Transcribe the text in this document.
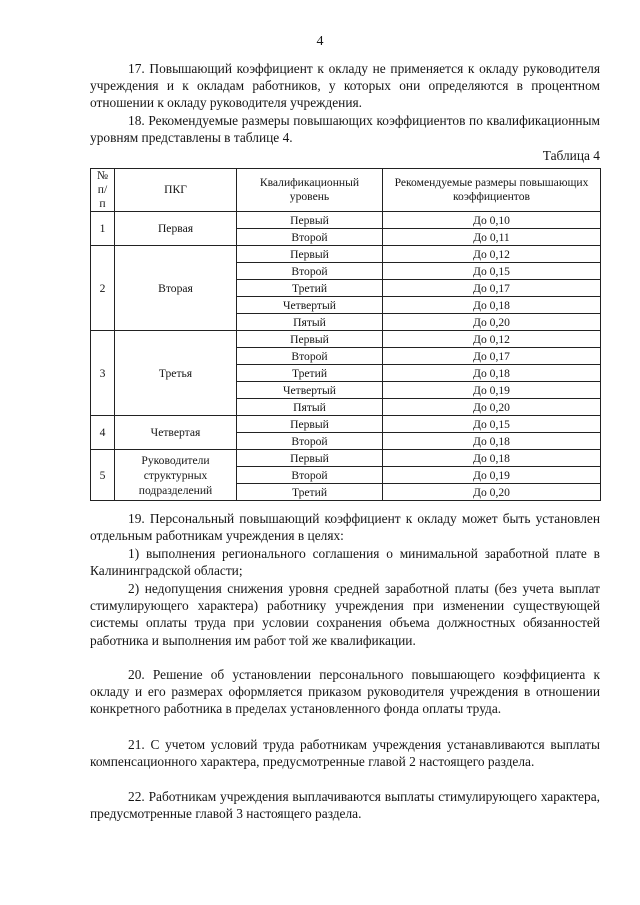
4

17. Повышающий коэффициент к окладу не применяется к окладу руководителя учреждения и к окладам работников, у которых они определяются в процентном отношении к окладу руководителя учреждения.

18. Рекомендуемые размеры повышающих коэффициентов по квалификационным уровням представлены в таблице 4.

Таблица 4
№ п/п	ПКГ	Квалификационный уровень	Рекомендуемые размеры повышающих коэффициентов
1	Первая	Первый	До 0,10
		Второй	До 0,11
2	Вторая	Первый	До 0,12
		Второй	До 0,15
		Третий	До 0,17
		Четвертый	До 0,18
		Пятый	До 0,20
3	Третья	Первый	До 0,12
		Второй	До 0,17
		Третий	До 0,18
		Четвертый	До 0,19
		Пятый	До 0,20
4	Четвертая	Первый	До 0,15
		Второй	До 0,18
5	Руководители структурных подразделений	Первый	До 0,18
		Второй	До 0,19
		Третий	До 0,20

19. Персональный повышающий коэффициент к окладу может быть установлен отдельным работникам учреждения в целях:

1) выполнения регионального соглашения о минимальной заработной плате в Калининградской области;

2) недопущения снижения уровня средней заработной платы (без учета выплат стимулирующего характера) работнику учреждения при изменении существующей системы оплаты труда при условии сохранения объема должностных обязанностей работника и выполнения им работ той же квалификации.

20. Решение об установлении персонального повышающего коэффициента к окладу и его размерах оформляется приказом руководителя учреждения в отношении конкретного работника в пределах установленного фонда оплаты труда.

21. С учетом условий труда работникам учреждения устанавливаются выплаты компенсационного характера, предусмотренные главой 2 настоящего раздела.

22. Работникам учреждения выплачиваются выплаты стимулирующего характера, предусмотренные главой 3 настоящего раздела.
